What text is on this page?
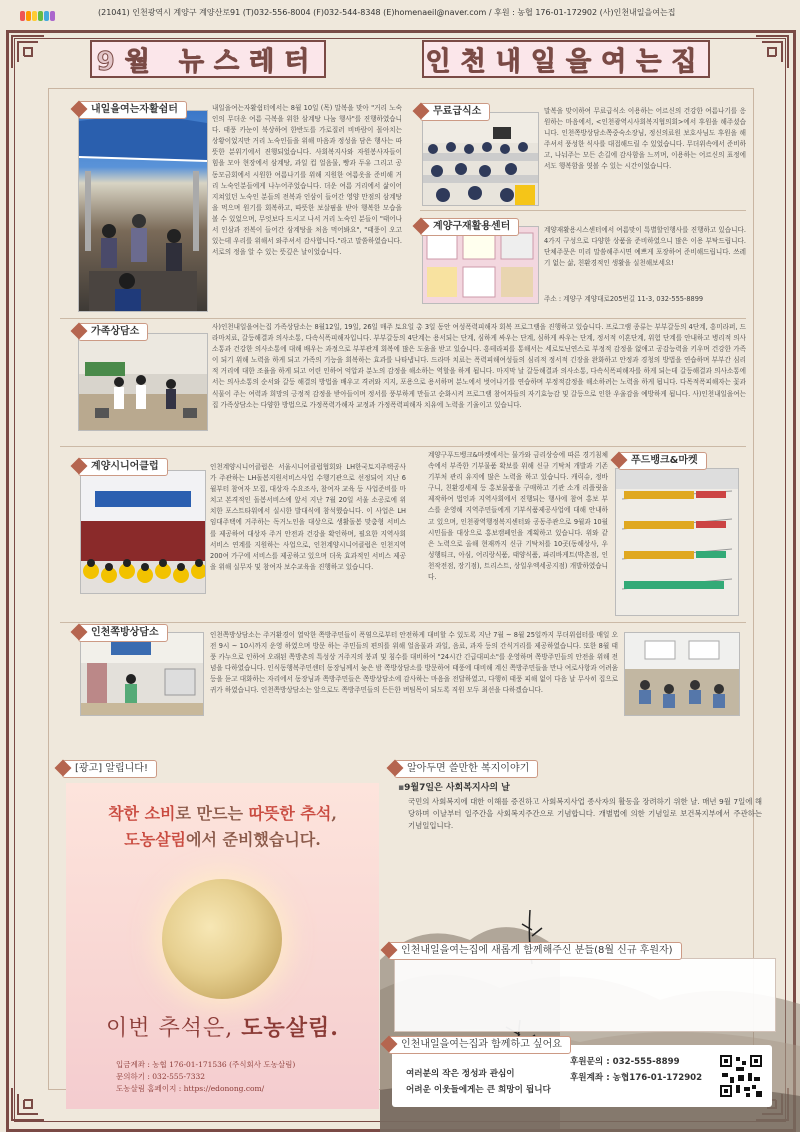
(21041) 인천광역시 계양구 계양산로91 (T)032-556-8004 (F)032-544-8348 (E)homenaeil@naver.com / 후원 : 농협 176-01-172902 (사)인천내일을여는집
9월 뉴스레터	인천내일을여는집
내일을여는자활쉼터	내일을여는자활쉼터에서는 8월 10일 (목) 말복을 맞아 "거리 노숙인의 무더운 여름 극복을 위한 삼계탕 나눔 행사"를 진행하였습니다. 태풍 카눈이 북상하여 한반도를 가로질러 비바람이 몰아치는 상황이었지만 거리 노숙인들을 위해 마음과 정성을 담은 행사는 따뜻한 분위기에서 진행되었습니다. 사회복지사와 자원봉사자들이 힘을 모아 현장에서 삼계탕, 과일 컵 얼음물, 빵과 두유 그리고 공동모금회에서 시원한 여름나기를 위해 지원한 여름옷을 준비해 거리 노숙인분들에게 나누어주었습니다. 더운 여름 거리에서 삶이어 지쳐있던 노숙인 분들의 전복과 인삼이 들어간 영양 만점의 삼계탕을 먹으며 원기를 회복하고, 따뜻한 보살핌을 받아 행복한 모습을 볼 수 있었으며, 무엇보다 드시고 나서 거리 노숙인 분들이 "태어나서 인삼과 전복이 들어간 삼계탕을 처음 먹어봐요", "태풍이 오고 있는데 우리를 위해서 와주셔서 감사합니다."라고 말씀하였습니다. 서로의 정을 알 수 있는 뜻깊은 날이었습니다.
무료급식소	말복을 맞이하여 무료급식소 이용하는 어르신의 건강한 여름나기를 응원하는 마음에서, <인천광역시사회복지협의회>에서 후원을 해주셨습니다. 인천쪽방상담소쪽중숙소장님, 정신의료원 보호사님도 후원을 해주셔서 풍성한 식사를 대접해드릴 수 있었습니다. 무더위속에서 준비하고, 나눠주는 모든 손길에 감사함을 느끼며, 이용하는 어르신의 표정에서도 행복함을 엿볼 수 있는 시간이었습니다.
계양구재활용센터	계양재활용시스센터에서 여름맞이 특별할인행사를 진행하고 있습니다. 4가지 구성으로 다양한 상품을 준비하였으니 많은 이용 부탁드립니다. 단체주문은 미리 말씀해주시면 예쁘게 포장하여 준비해드립니다. 쓰레기 없는 삶, 친환경적인 생활을 실천해보세요!
주소 : 계양구 계양대로205번길 11-3, 032-555-8899
가족상담소	사)인천내일을여는집 가족상담소는 8월12일, 19일, 26일 매주 토요일 총 3일 동안 여성폭력피해자 회복 프로그램을 진행하고 있습니다. 프로그램 종류는 부부갈등의 4단계, 흥미라퍼, 드라마치료, 갈등해결과 의사소통, 다속식폭피해자입니다. 부부갈등의 4단계는 용서되는 단계, 심하게 싸우는 단계, 심하게 싸우는 단계, 정서적 이혼단계, 위험 단계를 안내하고 병리적 의사소통과 건강한 의사소통에 대해 배우는 과정으로 부부관계 회복에 많은 도움을 받고 있습니다. 흥테라피를 통해서는 세로토닌연스로 부정적 감정을 없애고 공감능력을 키우며 건강한 가족이 되기 위해 노력을 하게 되고 가족의 기능을 회복하는 효과를 나타냅니다. 드라마 치료는 폭력피해여성들의 심리적 정서적 긴장을 완화하고 안정과 경청의 방법을 연습하며 부부간 심리적 거리에 대한 조율을 하게 되고 어린 인하여 억압과 분노의 감정을 해소하는 역할을 하게 됩니다. 마지막 날 갈등해결과 의사소통, 다속식폭피해자를 하게 되는데 갈등해결과 의사소통에서는 의사소통의 순서와 갈등 해결의 방법을 배우고 격려와 지지, 포용으로 용서하며 분노에서 벗어나기를 연습하며 부정적감정을 해소하려는 노력을 하게 됩니다. 다목적폭피해자는 꽃과 식물이 주는 여력과 희망의 긍정적 감정을 받아들이며 정서를 풍부하게 만들고 순화시켜 프로그램 참여자들의 자기효능감 및 갈등으로 인한 우울감을 예방하게 됩니다. 사)인천내일을여는집 가족상담소는 다양한 방법으로 가정폭력가해자 교정과 가정폭력피해자 치유에 노력을 기울이고 있습니다.
계양시니어클럽	인천계양시니어클럽은 서울시니어클럽협회와 LH한국토지주택공사가 주관하는 LH돌봄지원서비스사업 수행기관으로 선정되어 지난 6월부터 참여자 모집, 대상자 수요조사, 참여자 교육 등 사업준비를 마치고 본격적인 돌봄서비스에 앞서 지난 7월 20일 서울 소공로에 위치한 포스트타워에서 실시한 발대식에 참석했습니다. 이 사업은 LH 임대주택에 거주하는 독거노인을 대상으로 생활돌봄 맞춤형 서비스를 제공하여 대상자 주거 안전과 건강을 확인하며, 필요한 지역사회 서비스 연계를 지원하는 사업으로, 인천계양시니어클럽은 인천지역 200여 가구에 서비스를 제공하고 있으며 더욱 효과적인 서비스 제공을 위해 실무자 및 참여자 보수교육을 진행하고 있습니다.
푸드뱅크&마켓
계양구푸드뱅크&마켓에서는 물가와 금리상승에 따른 경기침체 속에서 부족한 기부물품 확보를 위해 신규 기탁처 개발과 기존 기부처 관리 유지에 많은 노력을 하고 있습니다. 캐릭슈, 정바구니, 친환경세제 등 홍보물품을 구매하고 기관 소개 리플릿을 제작하여 법인과 지역사회에서 진행되는 행사에 참여 홍보 부스를 운영해 지역주민들에게 기부식품제공사업에 대해 안내하고 있으며, 인천광역행정복지센터와 공동주관으로 9월과 10월 시민들을 대상으로 홍보캠페인을 계획하고 있습니다. 위와 같은 노력으로 올해 현재까지 신규 기탁처를 10곳(동해상사, 우성행티크, 아심, 어리랑식품, 태양식품, 파리바게트(박촌점, 인천작전점, 장기점), 트리스트, 상일우엑세공지점) 개발하였습니다.
인천쪽방상담소	인천쪽방상담소는 주거환경이 열악한 쪽방주민들이 폭염으로부터 안전하게 대비할 수 있도록 지난 7월 ~ 8월 25일까지 무더위쉼터를 매일 오전 9시 ~ 10시까지 운영 하였으며 방문 하는 주민들의 편의를 위해 얼음물과 과일, 음료, 과자 등의 간식거리를 제공하였습니다. 또한 8월 태풍 카누으로 인하여 오래된 쪽방촌의 특성상 거주지의 붕괴 및 침수를 대비하여 "24시간 긴급대피소"를 운영하며 쪽방주민들의 안전을 위해 전념을 다하였습니다. 인식동행복주민센터 동장님께서 늦은 밤 쪽방상담소를 방문하여 태풍에 대비해 계신 쪽방주민들을 만나 여로사항과 어려움 등을 듣고 대화하는 자리에서 동장님과 쪽방주민들은 쪽방상담소에 감사하는 마음을 전달하였고, 다행히 태풍 피해 없이 다음 날 무사히 집으로 귀가 하였습니다. 인천쪽방상담소는 앞으로도 쪽방주민들의 든든한 버팀목이 되도록 직원 모두 최선을 다하겠습니다.
[광고] 알립니다!
착한 소비로 만드는 따뜻한 추석,
도농살림에서 준비했습니다.
이번 추석은, 도농살림.
입금계좌 : 농협 176-01-171536 (주식회사 도농살림)
문의하기 : 032-555-7332
도농살림 홈페이지 : https://edonong.com/
알아두면 쓸만한 복지이야기
▪9월7일은 사회복지사의 날
국민의 사회복지에 대한 이해를 증진하고 사회복지사업 종사자의 활동을 장려하기 위한 날. 매년 9월 7일에 해당하며 이날부터 일주간을 사회복지주간으로 기념합니다. 개별법에 의한 기념일로 보건복지부에서 주관하는 기념일입니다.
인천내일을여는집에 새롭게 함께해주신 분들(8월 신규 후원자)
인천내일을여는집과 함께하고 싶어요
여러분의 작은 정성과 관심이
어려운 이웃들에게는 큰 희망이 됩니다
후원문의 : 032-555-8899
후원계좌 : 농협176-01-172902
